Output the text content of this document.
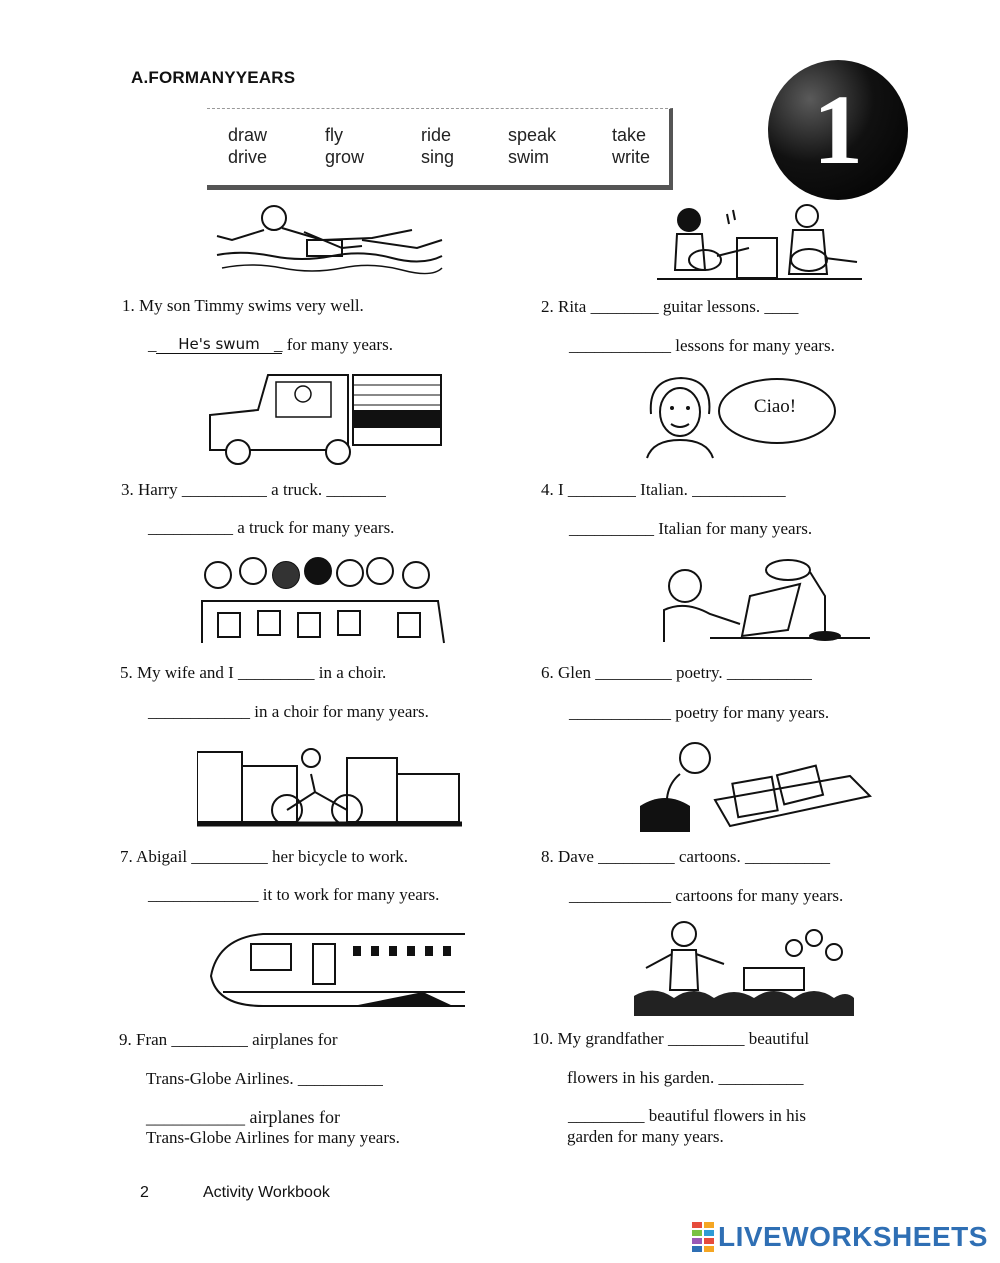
A.FORMANYYEARS
draw	fly	ride	speak	take
drive	grow	sing	swim	write	1
Ciao!
1. My son Timmy swims very well.
_	He's swum _ for many years.
2. Rita ________ guitar lessons. ____
____________ lessons for many years.
3. Harry __________ a truck. _______
__________ a truck for many years.
4. I ________ Italian. ___________
__________ Italian for many years.
5. My wife and I _________ in a choir.
____________ in a choir for many years.
6. Glen _________ poetry. __________
____________ poetry for many years.
7. Abigail _________ her bicycle to work.
_____________ it to work for many years.
8. Dave _________ cartoons. __________
____________ cartoons for many years.
9. Fran _________ airplanes for
Trans-Globe Airlines. __________
___________ airplanes for
Trans-Globe Airlines for many years.
10. My grandfather _________ beautiful
flowers in his garden. __________
_________ beautiful flowers in his
garden for many years.
2	Activity Workbook
LIVEWORKSHEETS
